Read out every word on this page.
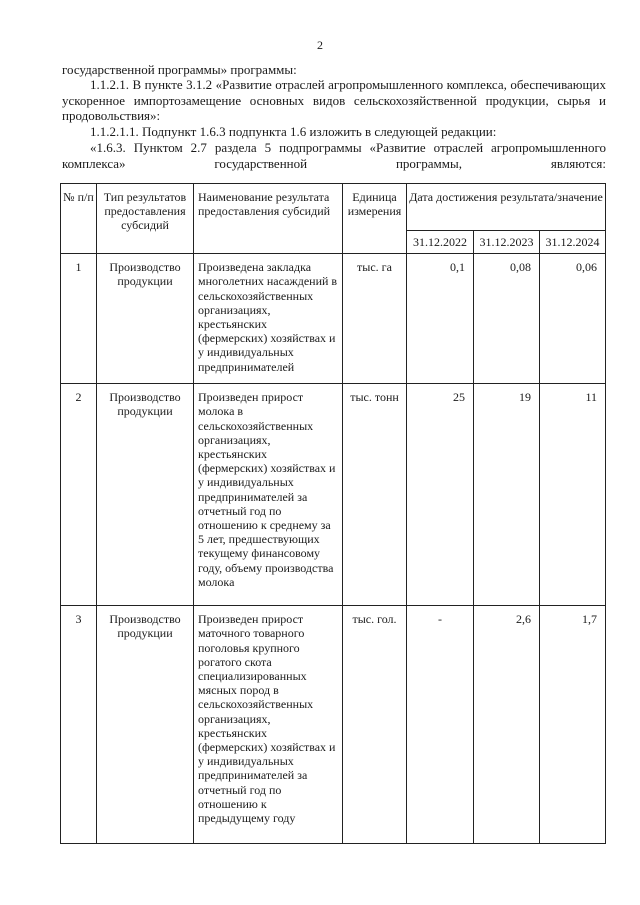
2

государственной программы» программы:

1.1.2.1. В пункте 3.1.2 «Развитие отраслей агропромышленного комплекса, обеспечивающих ускоренное импортозамещение основных видов сельскохозяйственной продукции, сырья и продовольствия»:

1.1.2.1.1. Подпункт 1.6.3 подпункта 1.6 изложить в следующей редакции:

«1.6.3. Пунктом 2.7 раздела 5 подпрограммы «Развитие отраслей агропромышленного комплекса» государственной программы, являются:

№ п/п	Тип результатов предоставления субсидий	Наименование результата предоставления субсидий	Единица измерения	Дата достижения результата/значение		
				31.12.2022	31.12.2023	31.12.2024
1	Производство продукции	Произведена закладка многолетних насаждений в сельскохозяйственных организациях, крестьянских (фермерских) хозяйствах и у индивидуальных предпринимателей	тыс. га	0,1	0,08	0,06
2	Производство продукции	Произведен прирост молока в сельскохозяйственных организациях, крестьянских (фермерских) хозяйствах и у индивидуальных предпринимателей за отчетный год по отношению к среднему за 5 лет, предшествующих текущему финансовому году, объему производства молока	тыс. тонн	25	19	11
3	Производство продукции	Произведен прирост маточного товарного поголовья крупного рогатого скота специализированных мясных пород в сельскохозяйственных организациях, крестьянских (фермерских) хозяйствах и у индивидуальных предпринимателей за отчетный год по отношению к предыдущему году	тыс. гол.	-	2,6	1,7
